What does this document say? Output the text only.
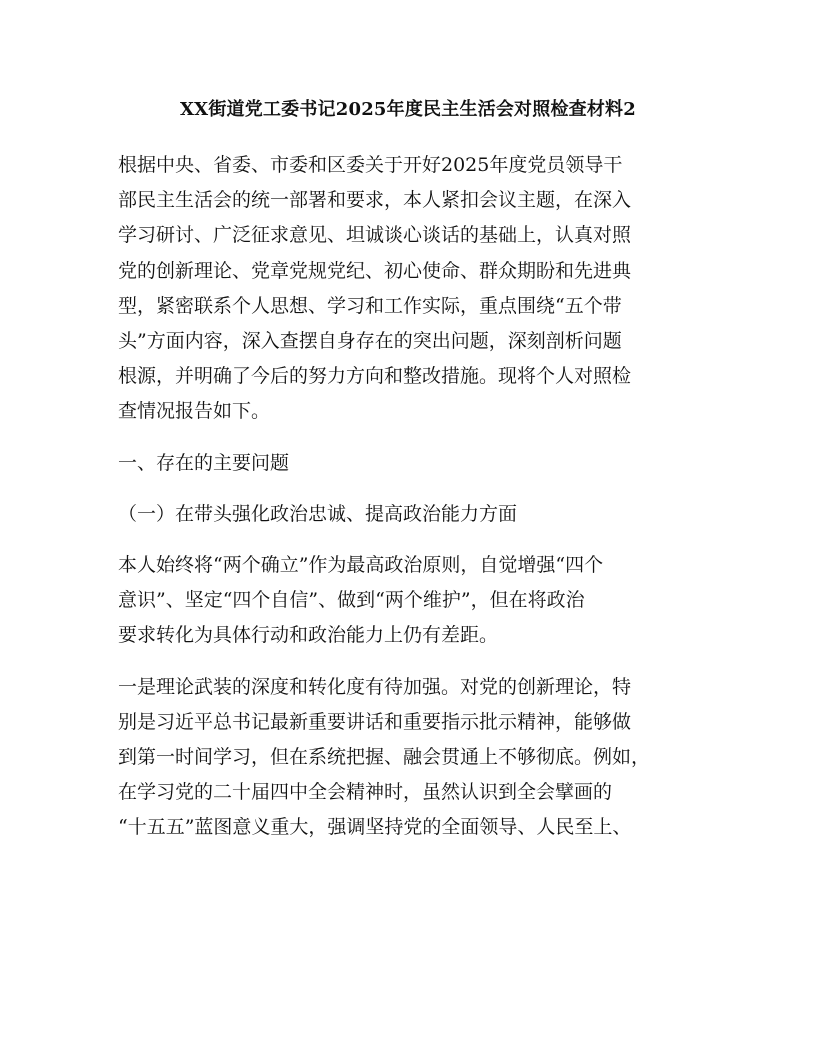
XX街道党工委书记2025年度民主生活会对照检查材料2
根据中央、省委、市委和区委关于开好2025年度党员领导干
部民主生活会的统一部署和要求，本人紧扣会议主题，在深入
学习研讨、广泛征求意见、坦诚谈心谈话的基础上，认真对照
党的创新理论、党章党规党纪、初心使命、群众期盼和先进典
型，紧密联系个人思想、学习和工作实际，重点围绕“五个带
头”方面内容，深入查摆自身存在的突出问题，深刻剖析问题
根源，并明确了今后的努力方向和整改措施。现将个人对照检
查情况报告如下。
一、存在的主要问题
（一）在带头强化政治忠诚、提高政治能力方面
本人始终将“两个确立”作为最高政治原则，自觉增强“四个
意识”、坚定“四个自信”、做到“两个维护”，但在将政治
要求转化为具体行动和政治能力上仍有差距。
一是理论武装的深度和转化度有待加强。对党的创新理论，特
别是习近平总书记最新重要讲话和重要指示批示精神，能够做
到第一时间学习，但在系统把握、融会贯通上不够彻底。例如，
在学习党的二十届四中全会精神时，虽然认识到全会擘画的
“十五五”蓝图意义重大，强调坚持党的全面领导、人民至上、
